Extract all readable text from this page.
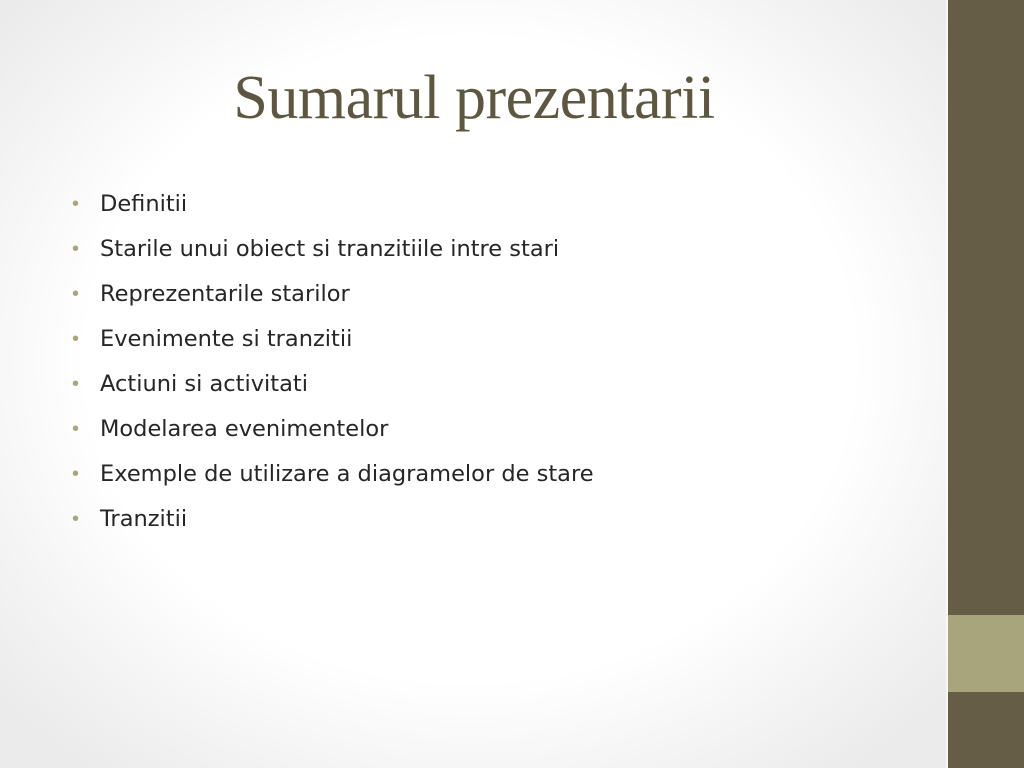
Sumarul prezentarii
• Definitii
• Starile unui obiect si tranzitiile intre stari
• Reprezentarile starilor
• Evenimente si tranzitii
• Actiuni si activitati
• Modelarea evenimentelor
• Exemple de utilizare a diagramelor de stare
• Tranzitii
